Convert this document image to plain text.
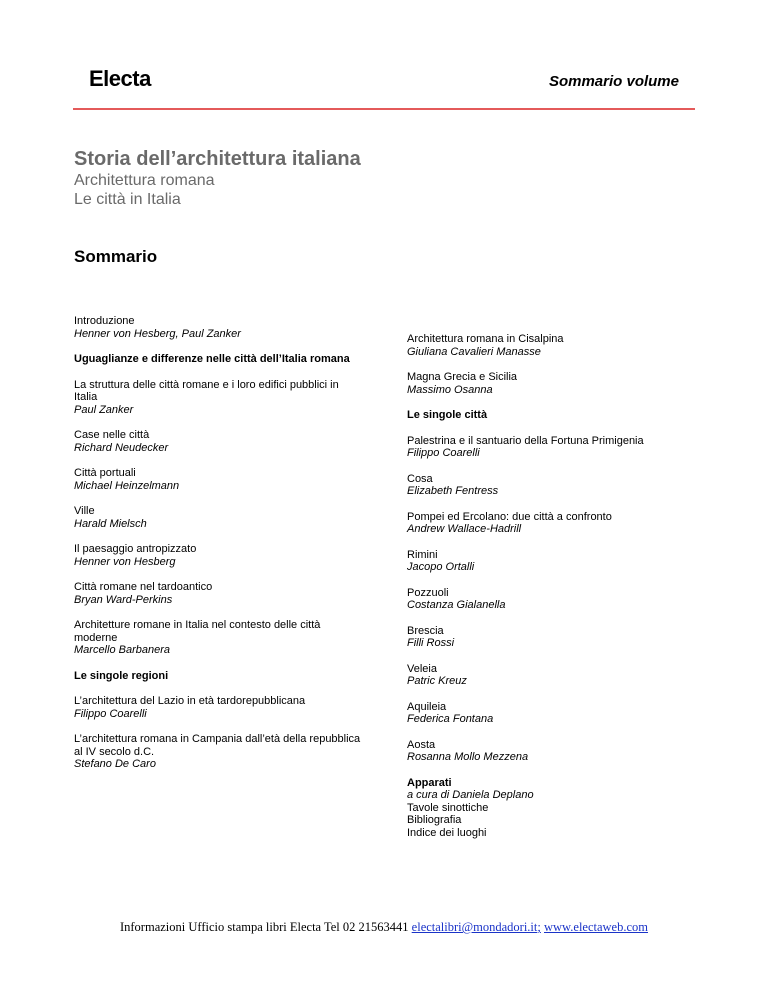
Electa	Sommario volume
Storia dell’architettura italiana
Architettura romana
Le città in Italia
Sommario
Introduzione
Henner von Hesberg, Paul Zanker
Uguaglianze e differenze nelle città dell’Italia romana
La struttura delle città romane e i loro edifici pubblici in Italia
Paul Zanker
Case nelle città
Richard Neudecker
Città portuali
Michael Heinzelmann
Ville
Harald Mielsch
Il paesaggio antropizzato
Henner von Hesberg
Città romane nel tardoantico
Bryan Ward-Perkins
Architetture romane in Italia nel contesto delle città moderne
Marcello Barbanera
Le singole regioni
L’architettura del Lazio in età tardorepubblicana
Filippo Coarelli
L’architettura romana in Campania dall’età della repubblica al IV secolo d.C.
Stefano De Caro
Architettura romana in Cisalpina
Giuliana Cavalieri Manasse
Magna Grecia e Sicilia
Massimo Osanna
Le singole città
Palestrina e il santuario della Fortuna Primigenia
Filippo Coarelli
Cosa
Elizabeth Fentress
Pompei ed Ercolano: due città a confronto
Andrew Wallace-Hadrill
Rimini
Jacopo Ortalli
Pozzuoli
Costanza Gialanella
Brescia
Filli Rossi
Veleia
Patric Kreuz
Aquileia
Federica Fontana
Aosta
Rosanna Mollo Mezzena
Apparati
a cura di Daniela Deplano
Tavole sinottiche
Bibliografia
Indice dei luoghi
Informazioni Ufficio stampa libri Electa Tel 02 21563441 electalibri@mondadori.it; www.electaweb.com
